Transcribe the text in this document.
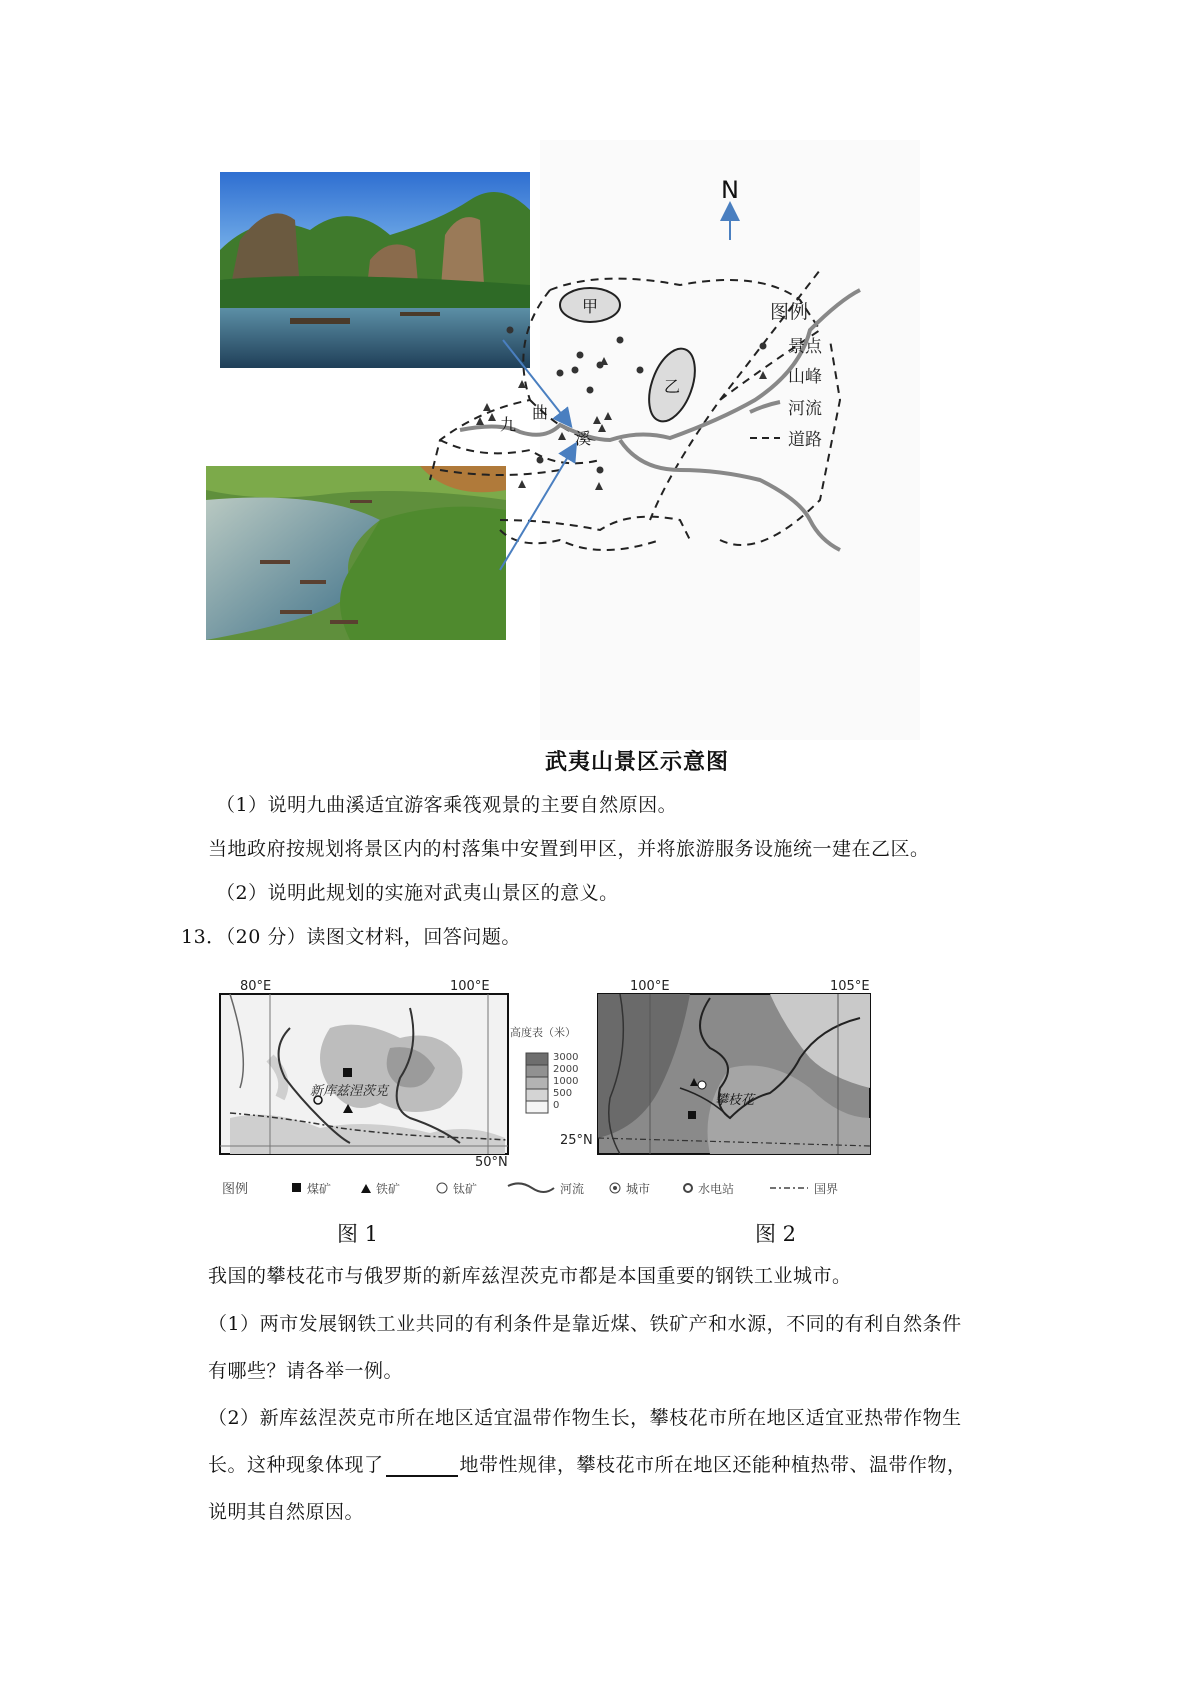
甲
乙
九
曲
溪
N
图例
景点
山峰
河流
道路
武夷山景区示意图
（1）说明九曲溪适宜游客乘筏观景的主要自然原因。
当地政府按规划将景区内的村落集中安置到甲区，并将旅游服务设施统一建在乙区。
（2）说明此规划的实施对武夷山景区的意义。
13．（20 分）读图文材料，回答问题。
新库兹涅茨克
80°E	100°E
50°N
高度表（米）
3000
2000
1000
500
0	攀枝花
100°E	105°E
25°N
图例	煤矿	铁矿	钛矿	河流	城市	水电站	国界
图 1	图 2
我国的攀枝花市与俄罗斯的新库兹涅茨克市都是本国重要的钢铁工业城市。
（1）两市发展钢铁工业共同的有利条件是靠近煤、铁矿产和水源，不同的有利自然条件
有哪些？请各举一例。
（2）新库兹涅茨克市所在地区适宜温带作物生长，攀枝花市所在地区适宜亚热带作物生
长。这种现象体现了	地带性规律，攀枝花市所在地区还能种植热带、温带作物，
说明其自然原因。
